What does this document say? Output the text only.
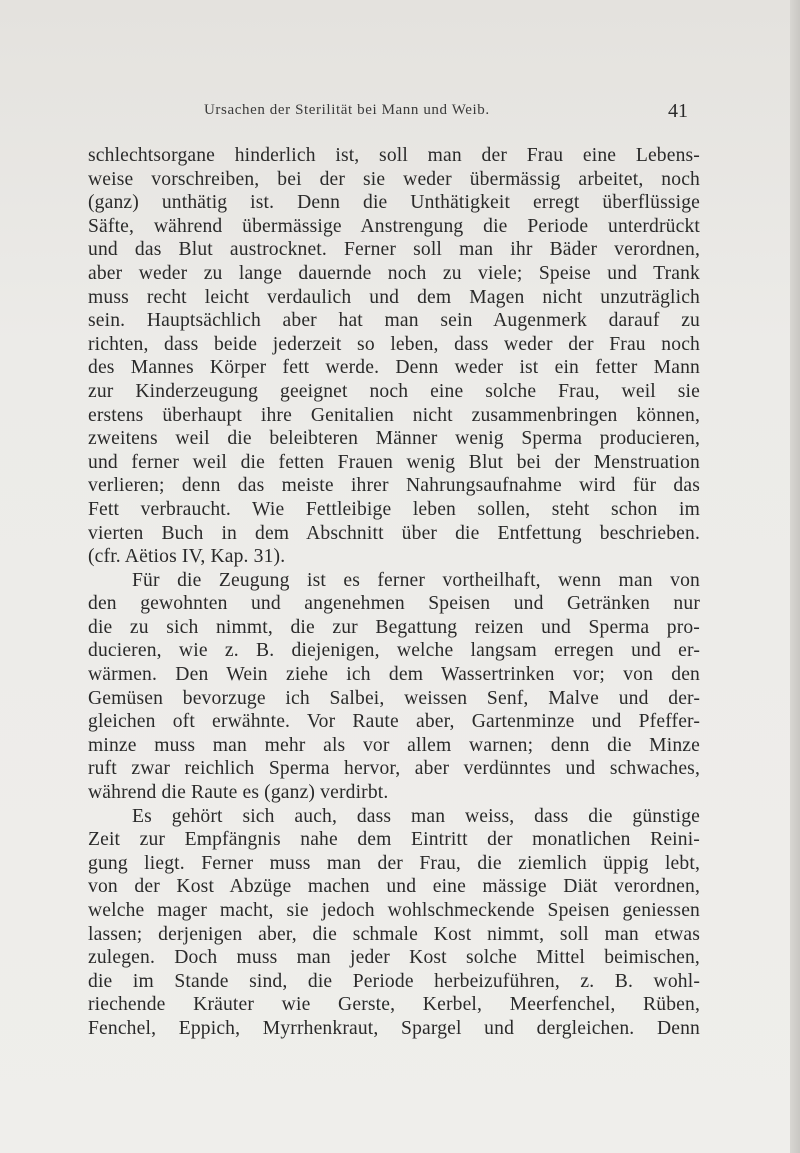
Ursachen der Sterilität bei Mann und Weib.	41
schlechtsorgane hinderlich ist, soll man der Frau eine Lebens-
weise vorschreiben, bei der sie weder übermässig arbeitet, noch
(ganz) unthätig ist. Denn die Unthätigkeit erregt überflüssige
Säfte, während übermässige Anstrengung die Periode unterdrückt
und das Blut austrocknet. Ferner soll man ihr Bäder verordnen,
aber weder zu lange dauernde noch zu viele; Speise und Trank
muss recht leicht verdaulich und dem Magen nicht unzuträglich
sein. Hauptsächlich aber hat man sein Augenmerk darauf zu
richten, dass beide jederzeit so leben, dass weder der Frau noch
des Mannes Körper fett werde. Denn weder ist ein fetter Mann
zur Kinderzeugung geeignet noch eine solche Frau, weil sie
erstens überhaupt ihre Genitalien nicht zusammenbringen können,
zweitens weil die beleibteren Männer wenig Sperma producieren,
und ferner weil die fetten Frauen wenig Blut bei der Menstruation
verlieren; denn das meiste ihrer Nahrungsaufnahme wird für das
Fett verbraucht. Wie Fettleibige leben sollen, steht schon im
vierten Buch in dem Abschnitt über die Entfettung beschrieben.
(cfr. Aëtios IV, Kap. 31).
Für die Zeugung ist es ferner vortheilhaft, wenn man von
den gewohnten und angenehmen Speisen und Getränken nur
die zu sich nimmt, die zur Begattung reizen und Sperma pro-
ducieren, wie z. B. diejenigen, welche langsam erregen und er-
wärmen. Den Wein ziehe ich dem Wassertrinken vor; von den
Gemüsen bevorzuge ich Salbei, weissen Senf, Malve und der-
gleichen oft erwähnte. Vor Raute aber, Gartenminze und Pfeffer-
minze muss man mehr als vor allem warnen; denn die Minze
ruft zwar reichlich Sperma hervor, aber verdünntes und schwaches,
während die Raute es (ganz) verdirbt.
Es gehört sich auch, dass man weiss, dass die günstige
Zeit zur Empfängnis nahe dem Eintritt der monatlichen Reini-
gung liegt. Ferner muss man der Frau, die ziemlich üppig lebt,
von der Kost Abzüge machen und eine mässige Diät verordnen,
welche mager macht, sie jedoch wohlschmeckende Speisen geniessen
lassen; derjenigen aber, die schmale Kost nimmt, soll man etwas
zulegen. Doch muss man jeder Kost solche Mittel beimischen,
die im Stande sind, die Periode herbeizuführen, z. B. wohl-
riechende Kräuter wie Gerste, Kerbel, Meerfenchel, Rüben,
Fenchel, Eppich, Myrrhenkraut, Spargel und dergleichen. Denn
